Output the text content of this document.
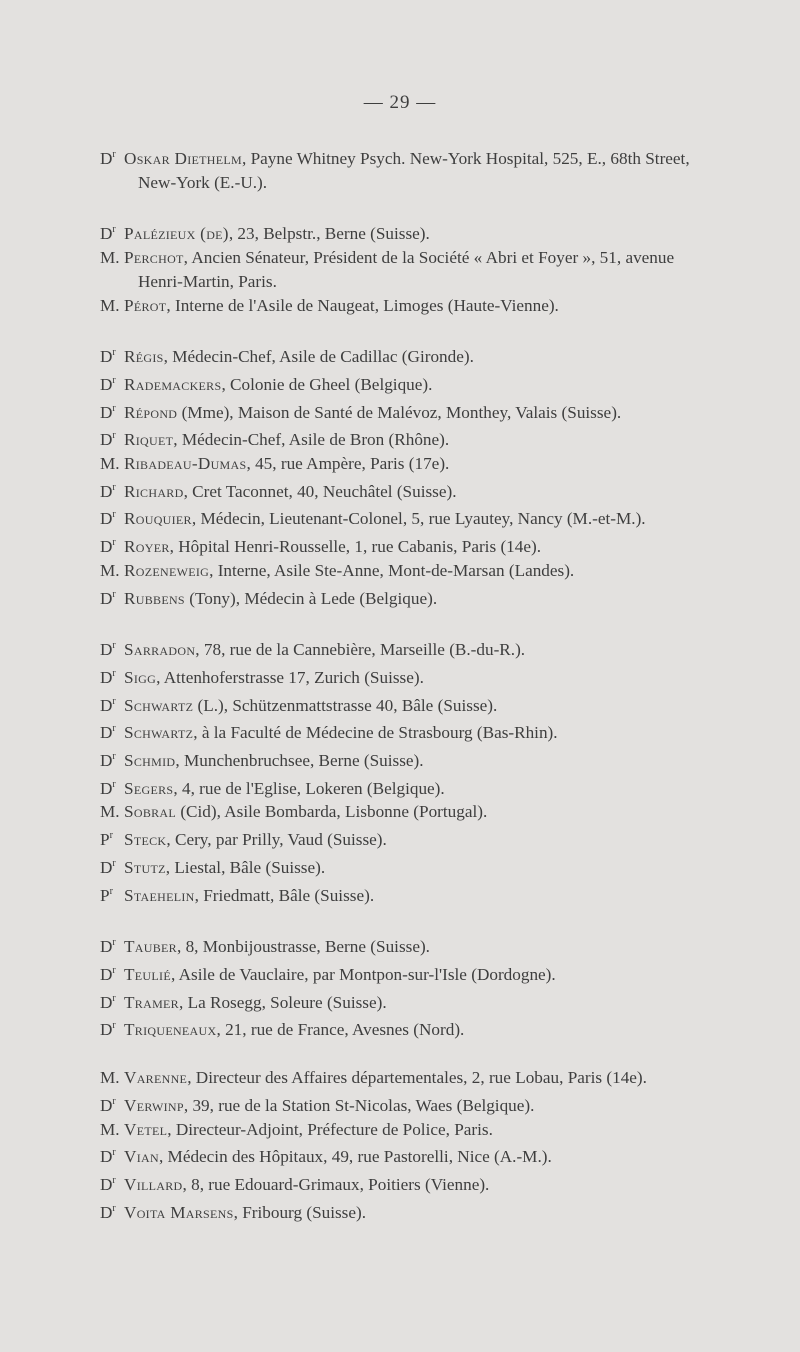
— 29 —

$D^r$ Oskar Diethelm, Payne Whitney Psych. New-York Hospital, 525, E., 68th Street, New-York (E.-U.).

$D^r$ Palézieux (de), 23, Belpstr., Berne (Suisse).

M. Perchot, Ancien Sénateur, Président de la Société « Abri et Foyer », 51, avenue Henri-Martin, Paris.

M. Pérot, Interne de l'Asile de Naugeat, Limoges (Haute-Vienne).

$D^r$ Régis, Médecin-Chef, Asile de Cadillac (Gironde).

$D^r$ Rademackers, Colonie de Gheel (Belgique).

$D^r$ Répond (Mme), Maison de Santé de Malévoz, Monthey, Valais (Suisse).

$D^r$ Riquet, Médecin-Chef, Asile de Bron (Rhône).

M. Ribadeau-Dumas, 45, rue Ampère, Paris (17e).

$D^r$ Richard, Cret Taconnet, 40, Neuchâtel (Suisse).

$D^r$ Rouquier, Médecin, Lieutenant-Colonel, 5, rue Lyautey, Nancy (M.-et-M.).

$D^r$ Royer, Hôpital Henri-Rousselle, 1, rue Cabanis, Paris (14e).

M. Rozeneweig, Interne, Asile Ste-Anne, Mont-de-Marsan (Landes).

$D^r$ Rubbens (Tony), Médecin à Lede (Belgique).

$D^r$ Sarradon, 78, rue de la Cannebière, Marseille (B.-du-R.).

$D^r$ Sigg, Attenhoferstrasse 17, Zurich (Suisse).

$D^r$ Schwartz (L.), Schützenmattstrasse 40, Bâle (Suisse).

$D^r$ Schwartz, à la Faculté de Médecine de Strasbourg (Bas-Rhin).

$D^r$ Schmid, Munchenbruchsee, Berne (Suisse).

$D^r$ Segers, 4, rue de l'Eglise, Lokeren (Belgique).

M. Sobral (Cid), Asile Bombarda, Lisbonne (Portugal).

$P^r$ Steck, Cery, par Prilly, Vaud (Suisse).

$D^r$ Stutz, Liestal, Bâle (Suisse).

$P^r$ Staehelin, Friedmatt, Bâle (Suisse).

$D^r$ Tauber, 8, Monbijoustrasse, Berne (Suisse).

$D^r$ Teulié, Asile de Vauclaire, par Montpon-sur-l'Isle (Dordogne).

$D^r$ Tramer, La Rosegg, Soleure (Suisse).

$D^r$ Triqueneaux, 21, rue de France, Avesnes (Nord).

M. Varenne, Directeur des Affaires départementales, 2, rue Lobau, Paris (14e).

$D^r$ Verwinp, 39, rue de la Station St-Nicolas, Waes (Belgique).

M. Vetel, Directeur-Adjoint, Préfecture de Police, Paris.

$D^r$ Vian, Médecin des Hôpitaux, 49, rue Pastorelli, Nice (A.-M.).

$D^r$ Villard, 8, rue Edouard-Grimaux, Poitiers (Vienne).

$D^r$ Voita Marsens, Fribourg (Suisse).
